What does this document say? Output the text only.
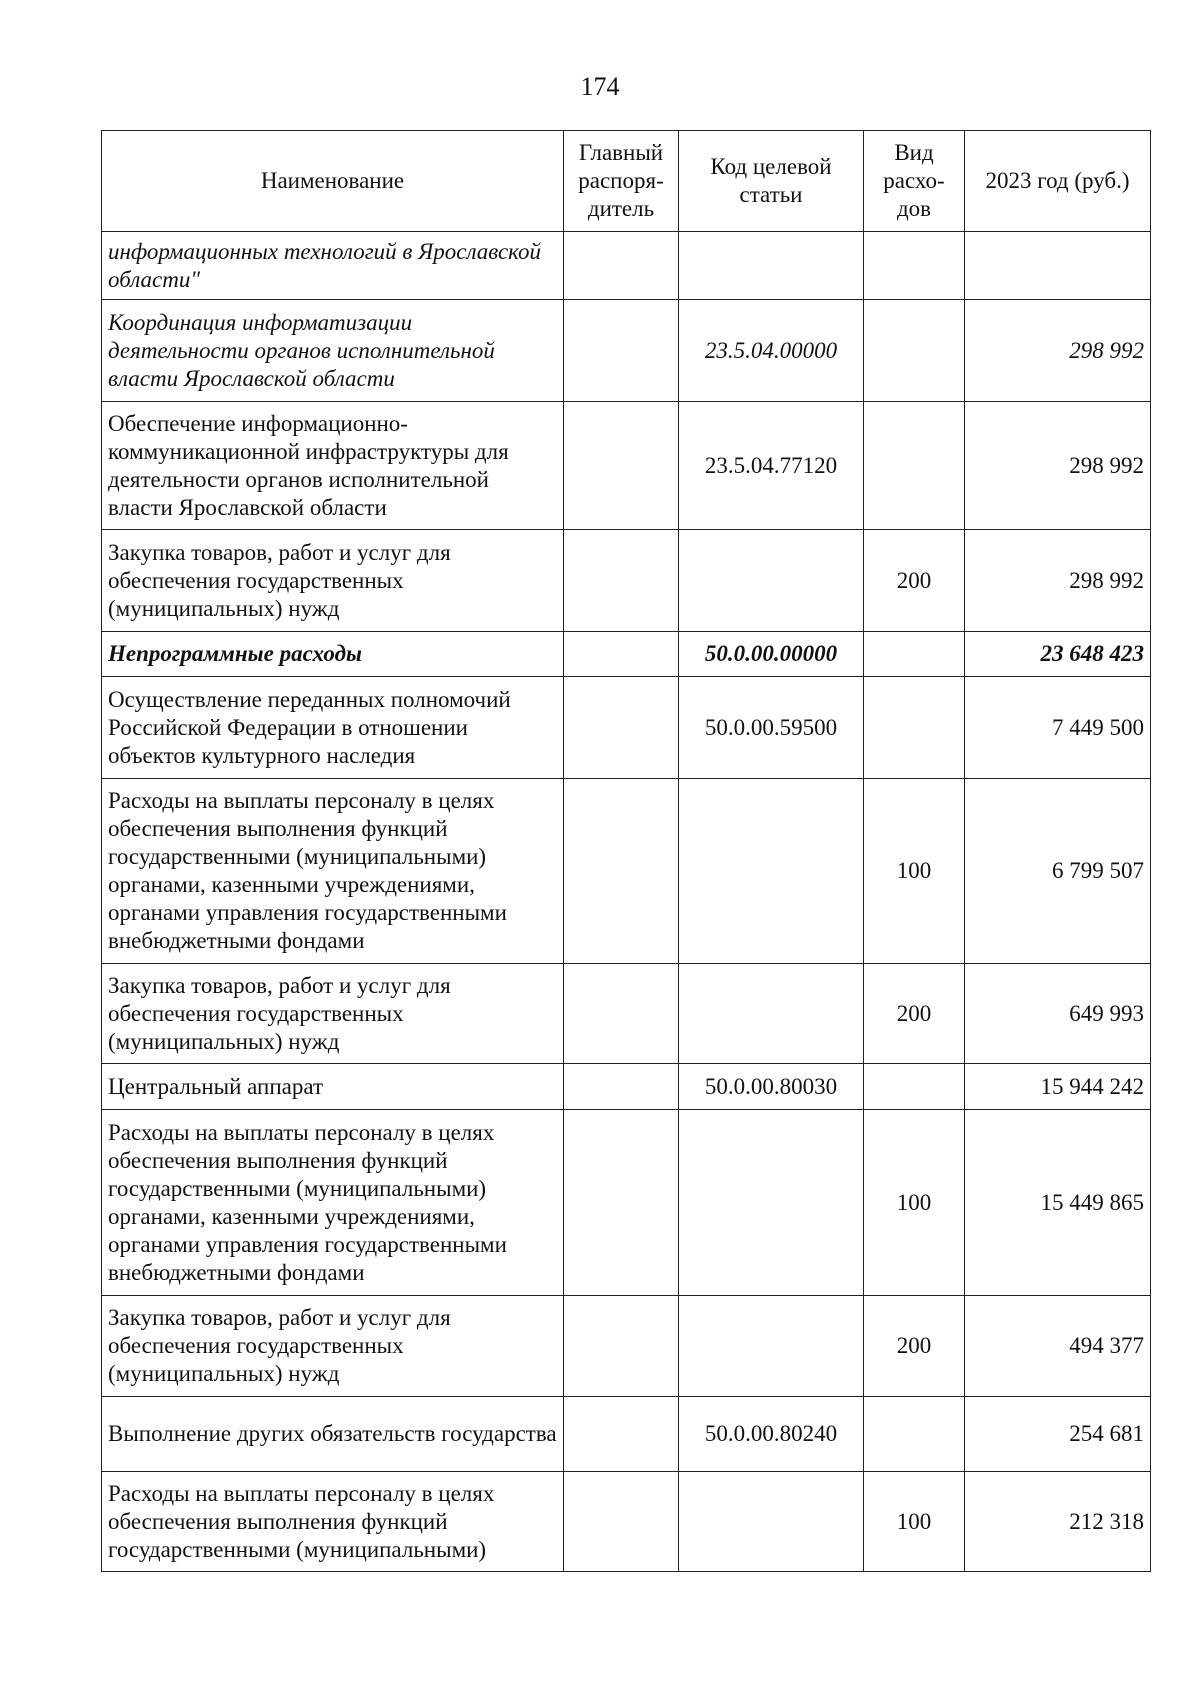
174
Наименование	Главный распоря-дитель	Код целевой статьи	Вид расхо-дов	2023 год (руб.)
информационных технологий в Ярославской области"				
Координация информатизации деятельности органов исполнительной власти Ярославской области		23.5.04.00000		298 992
Обеспечение информационно-коммуникационной инфраструктуры для деятельности органов исполнительной власти Ярославской области		23.5.04.77120		298 992
Закупка товаров, работ и услуг для обеспечения государственных (муниципальных) нужд			200	298 992
Непрограммные расходы		50.0.00.00000		23 648 423
Осуществление переданных полномочий Российской Федерации в отношении объектов культурного наследия		50.0.00.59500		7 449 500
Расходы на выплаты персоналу в целях обеспечения выполнения функций государственными (муниципальными) органами, казенными учреждениями, органами управления государственными внебюджетными фондами			100	6 799 507
Закупка товаров, работ и услуг для обеспечения государственных (муниципальных) нужд			200	649 993
Центральный аппарат		50.0.00.80030		15 944 242
Расходы на выплаты персоналу в целях обеспечения выполнения функций государственными (муниципальными) органами, казенными учреждениями, органами управления государственными внебюджетными фондами			100	15 449 865
Закупка товаров, работ и услуг для обеспечения государственных (муниципальных) нужд			200	494 377
Выполнение других обязательств государства		50.0.00.80240		254 681
Расходы на выплаты персоналу в целях обеспечения выполнения функций государственными (муниципальными)			100	212 318
